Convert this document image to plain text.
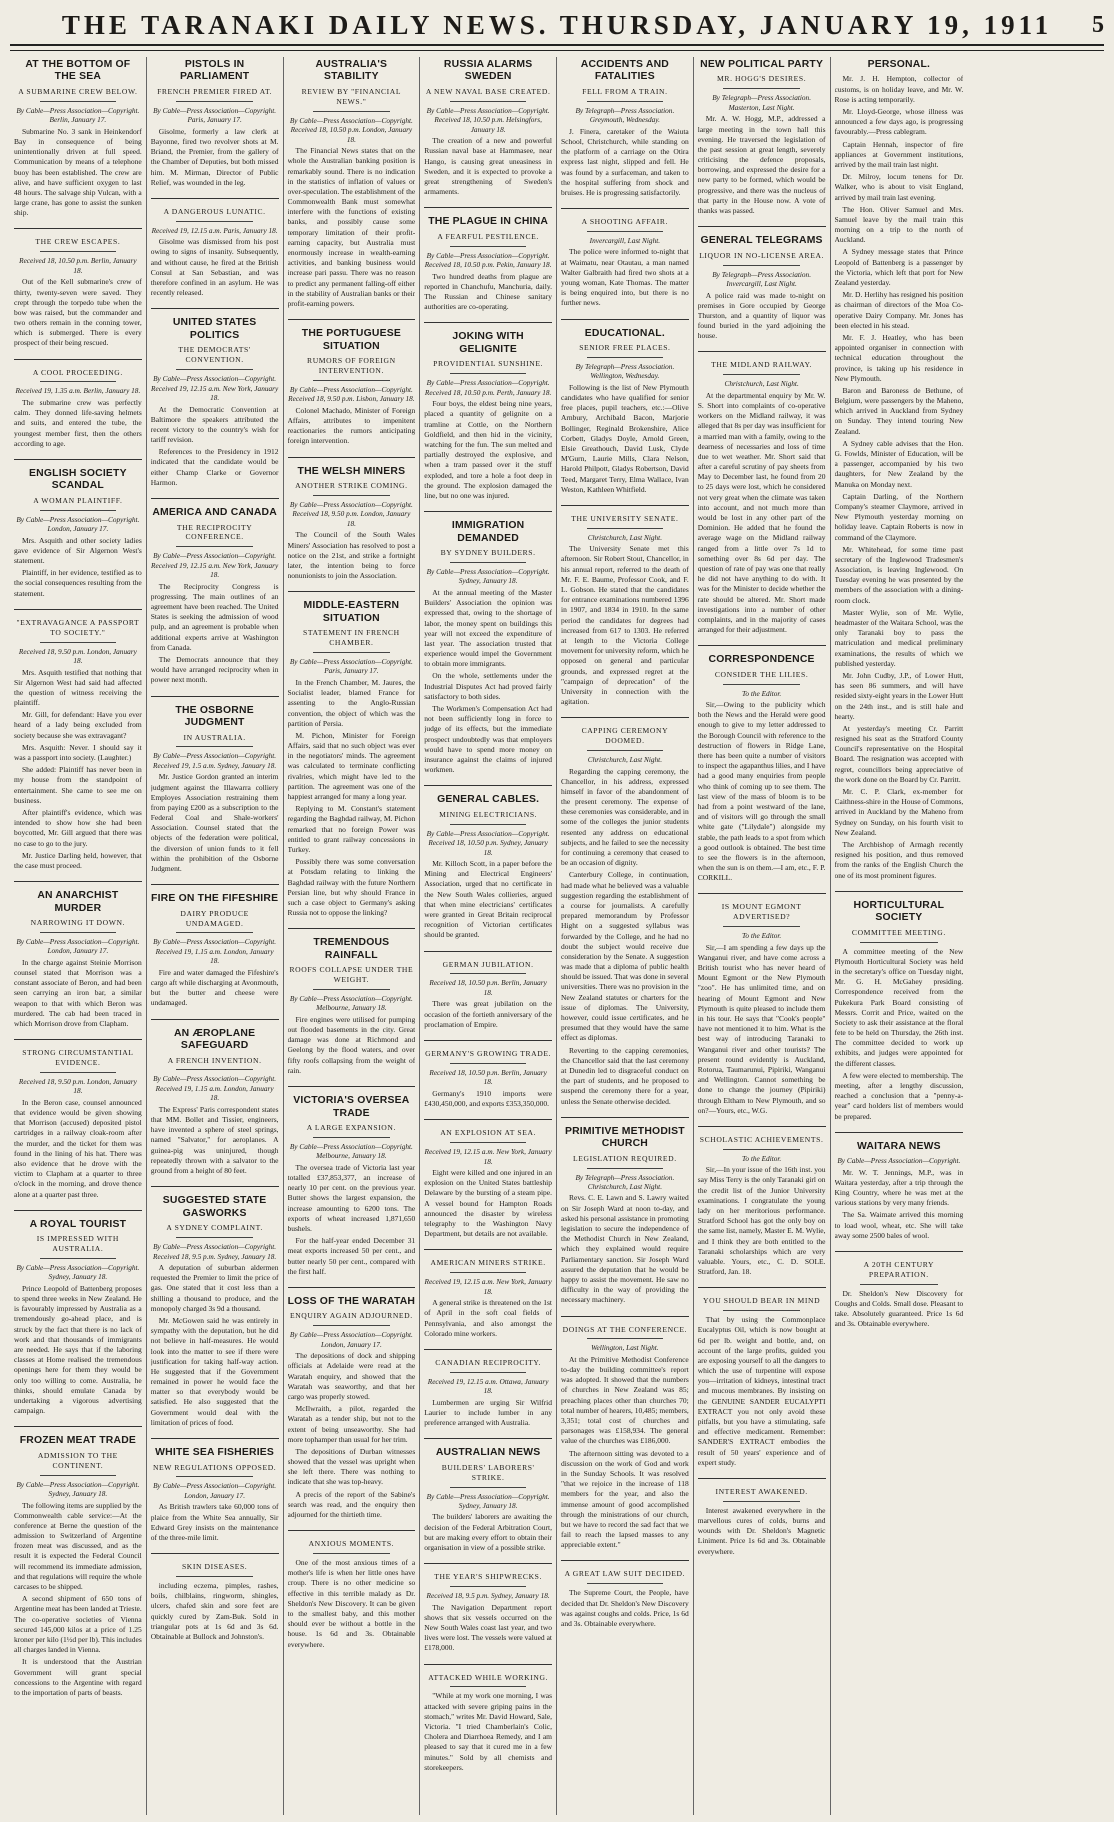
THE TARANAKI DAILY NEWS. THURSDAY, JANUARY 19, 1911	5
AT THE BOTTOM OF THE SEA
A SUBMARINE CREW BELOW.
By Cable—Press Association—Copyright. Berlin, January 17.

Submarine No. 3 sank in Heinkendorf Bay in consequence of being unintentionally driven at full speed. Communication by means of a telephone buoy has been established. The crew are alive, and have sufficient oxygen to last 48 hours. The salvage ship Vulcan, with a large crane, has gone to assist the sunken ship.

THE CREW ESCAPES.
Received 18, 10.50 p.m. Berlin, January 18.

Out of the Kell submarine's crew of thirty, twenty-seven were saved. They crept through the torpedo tube when the bow was raised, but the commander and two others remain in the conning tower, which is submerged. There is every prospect of their being rescued.

A COOL PROCEEDING.
Received 19, 1.35 a.m. Berlin, January 18.

The submarine crew was perfectly calm. They donned life-saving helmets and suits, and entered the tube, the youngest member first, then the others according to age.

ENGLISH SOCIETY SCANDAL
A WOMAN PLAINTIFF.
By Cable—Press Association—Copyright. London, January 17.

Mrs. Asquith and other society ladies gave evidence of Sir Algernon West's statement.

Plaintiff, in her evidence, testified as to the social consequences resulting from the statement.

"EXTRAVAGANCE A PASSPORT TO SOCIETY."
Received 18, 9.50 p.m. London, January 18.

Mrs. Asquith testified that nothing that Sir Algernon West had said had affected the question of witness receiving the plaintiff.

Mr. Gill, for defendant: Have you ever heard of a lady being excluded from society because she was extravagant?

Mrs. Asquith: Never. I should say it was a passport into society. (Laughter.)

She added: Plaintiff has never been in my house from the standpoint of entertainment. She came to see me on business.

After plaintiff's evidence, which was intended to show how she had been boycotted, Mr. Gill argued that there was no case to go to the jury.

Mr. Justice Darling held, however, that the case must proceed.

AN ANARCHIST MURDER
NARROWING IT DOWN.
By Cable—Press Association—Copyright. London, January 17.

In the charge against Steinie Morrison counsel stated that Morrison was a constant associate of Beron, and had been seen carrying an iron bar, a similar weapon to that with which Beron was murdered. The cab had been traced in which Morrison drove from Clapham.

STRONG CIRCUMSTANTIAL EVIDENCE.
Received 18, 9.50 p.m. London, January 18.

In the Beron case, counsel announced that evidence would be given showing that Morrison (accused) deposited pistol cartridges in a railway cloak-room after the murder, and the ticket for them was found in the lining of his hat. There was also evidence that he drove with the victim to Clapham at a quarter to three o'clock in the morning, and drove thence alone at a quarter past three.

A ROYAL TOURIST
IS IMPRESSED WITH AUSTRALIA.
By Cable—Press Association—Copyright. Sydney, January 18.

Prince Leopold of Battenberg proposes to spend three weeks in New Zealand. He is favourably impressed by Australia as a tremendously go-ahead place, and is struck by the fact that there is no lack of work and that thousands of immigrants are needed. He says that if the laboring classes at Home realised the tremendous openings here for them they would be only too willing to come. Australia, he thinks, should emulate Canada by undertaking a vigorous advertising campaign.

FROZEN MEAT TRADE
ADMISSION TO THE CONTINENT.
By Cable—Press Association—Copyright. Sydney, January 18.

The following items are supplied by the Commonwealth cable service:—At the conference at Berne the question of the admission to Switzerland of Argentine frozen meat was discussed, and as the result it is expected the Federal Council will recommend its immediate admission, and that regulations will require the whole carcases to be shipped.

A second shipment of 650 tons of Argentine meat has been landed at Trieste. The co-operative societies of Vienna secured 145,000 kilos at a price of 1.25 kroner per kilo (1½d per lb). This includes all charges landed in Vienna.

It is understood that the Austrian Government will grant special concessions to the Argentine with regard to the importation of parts of beasts.

PISTOLS IN PARLIAMENT
FRENCH PREMIER FIRED AT.
By Cable—Press Association—Copyright. Paris, January 17.

Gisolme, formerly a law clerk at Bayonne, fired two revolver shots at M. Briand, the Premier, from the gallery of the Chamber of Deputies, but both missed him. M. Mirman, Director of Public Relief, was wounded in the leg.

A DANGEROUS LUNATIC.
Received 19, 12.15 a.m. Paris, January 18.

Gisolme was dismissed from his post owing to signs of insanity. Subsequently, and without cause, he fired at the British Consul at San Sebastian, and was therefore confined in an asylum. He was recently released.

UNITED STATES POLITICS
THE DEMOCRATS' CONVENTION.
By Cable—Press Association—Copyright. Received 19, 12.15 a.m. New York, January 18.

At the Democratic Convention at Baltimore the speakers attributed the recent victory to the country's wish for tariff revision.

References to the Presidency in 1912 indicated that the candidate would be either Champ Clarke or Governor Harmon.

AMERICA AND CANADA
THE RECIPROCITY CONFERENCE.
By Cable—Press Association—Copyright. Received 19, 12.15 a.m. New York, January 18.

The Reciprocity Congress is progressing. The main outlines of an agreement have been reached. The United States is seeking the admission of wood pulp, and an agreement is probable when additional experts arrive at Washington from Canada.

The Democrats announce that they would have arranged reciprocity when in power next month.

THE OSBORNE JUDGMENT
IN AUSTRALIA.
By Cable—Press Association—Copyright. Received 19, 1.5 a.m. Sydney, January 18.

Mr. Justice Gordon granted an interim judgment against the Illawarra colliery Employes Association restraining them from paying £200 as a subscription to the Federal Coal and Shale-workers' Association. Counsel stated that the objects of the federation were political, the diversion of union funds to it fell within the prohibition of the Osborne Judgment.

FIRE ON THE FIFESHIRE
DAIRY PRODUCE UNDAMAGED.
By Cable—Press Association—Copyright. Received 19, 1.15 a.m. London, January 18.

Fire and water damaged the Fifeshire's cargo aft while discharging at Avonmouth, but the butter and cheese were undamaged.

AN ÆROPLANE SAFEGUARD
A FRENCH INVENTION.
By Cable—Press Association—Copyright. Received 19, 1.15 a.m. London, January 18.

The Express' Paris correspondent states that MM. Bollet and Tissier, engineers, have invented a sphere of steel springs, named "Salvator," for aeroplanes. A guinea-pig was uninjured, though repeatedly thrown with a salvator to the ground from a height of 80 feet.

SUGGESTED STATE GASWORKS
A SYDNEY COMPLAINT.
By Cable—Press Association—Copyright. Received 18, 9.5 p.m. Sydney, January 18.

A deputation of suburban aldermen requested the Premier to limit the price of gas. One stated that it cost less than a shilling a thousand to produce, and the monopoly charged 3s 9d a thousand.

Mr. McGowen said he was entirely in sympathy with the deputation, but he did not believe in half-measures. He would look into the matter to see if there were justification for taking half-way action. He suggested that if the Government remained in power he would face the matter so that everybody would be satisfied. He also suggested that the Government would deal with the limitation of prices of food.

WHITE SEA FISHERIES
NEW REGULATIONS OPPOSED.
By Cable—Press Association—Copyright. London, January 17.

As British trawlers take 60,000 tons of plaice from the White Sea annually, Sir Edward Grey insists on the maintenance of the three-mile limit.

SKIN DISEASES.

including eczema, pimples, rashes, boils, chilblains, ringworm, shingles, ulcers, chafed skin and sore feet are quickly cured by Zam-Buk. Sold in triangular pots at 1s 6d and 3s 6d. Obtainable at Bullock and Johnston's.

AUSTRALIA'S STABILITY
REVIEW BY "FINANCIAL NEWS."
By Cable—Press Association—Copyright. Received 18, 10.50 p.m. London, January 18.

The Financial News states that on the whole the Australian banking position is remarkably sound. There is no indication in the statistics of inflation of values or over-speculation. The establishment of the Commonwealth Bank must somewhat interfere with the functions of existing banks, and possibly cause some temporary limitation of their profit-earning capacity, but Australia must enormously increase in wealth-earning activities, and banking business would increase pari passu. There was no reason to predict any permanent falling-off either in the stability of Australian banks or their profit-earning powers.

THE PORTUGUESE SITUATION
RUMORS OF FOREIGN INTERVENTION.
By Cable—Press Association—Copyright. Received 18, 9.50 p.m. Lisbon, January 18.

Colonel Machado, Minister of Foreign Affairs, attributes to impenitent reactionaries the rumors anticipating foreign intervention.

THE WELSH MINERS
ANOTHER STRIKE COMING.
By Cable—Press Association—Copyright. Received 18, 9.50 p.m. London, January 18.

The Council of the South Wales Miners' Association has resolved to post a notice on the 21st, and strike a fortnight later, the intention being to force nonunionists to join the Association.

MIDDLE-EASTERN SITUATION
STATEMENT IN FRENCH CHAMBER.
By Cable—Press Association—Copyright. Paris, January 17.

In the French Chamber, M. Jaures, the Socialist leader, blamed France for assenting to the Anglo-Russian convention, the object of which was the partition of Persia.

M. Pichon, Minister for Foreign Affairs, said that no such object was ever in the negotiators' minds. The agreement was calculated to terminate conflicting rivalries, which might have led to the partition. The agreement was one of the happiest arranged for many a long year.

Replying to M. Constant's statement regarding the Baghdad railway, M. Pichon remarked that no foreign Power was entitled to grant railway concessions in Turkey.

Possibly there was some conversation at Potsdam relating to linking the Baghdad railway with the future Northern Persian line, but why should France in such a case object to Germany's asking Russia not to oppose the linking?

TREMENDOUS RAINFALL
ROOFS COLLAPSE UNDER THE WEIGHT.
By Cable—Press Association—Copyright. Melbourne, January 18.

Fire engines were utilised for pumping out flooded basements in the city. Great damage was done at Richmond and Geelong by the flood waters, and over fifty roofs collapsing from the weight of rain.

VICTORIA'S OVERSEA TRADE
A LARGE EXPANSION.
By Cable—Press Association—Copyright. Melbourne, January 18.

The oversea trade of Victoria last year totalled £37,853,377, an increase of nearly 10 per cent. on the previous year. Butter shows the largest expansion, the increase amounting to 6200 tons. The exports of wheat increased 1,871,650 bushels.

For the half-year ended December 31 meat exports increased 50 per cent., and butter nearly 50 per cent., compared with the first half.

LOSS OF THE WARATAH
ENQUIRY AGAIN ADJOURNED.
By Cable—Press Association—Copyright. London, January 17.

The depositions of dock and shipping officials at Adelaide were read at the Waratah enquiry, and showed that the Waratah was seaworthy, and that her cargo was properly stowed.

McIlwraith, a pilot, regarded the Waratah as a tender ship, but not to the extent of being unseaworthy. She had more tophamper than usual for her trim.

The depositions of Durban witnesses showed that the vessel was upright when she left there. There was nothing to indicate that she was top-heavy.

A precis of the report of the Sabine's search was read, and the enquiry then adjourned for the thirtieth time.

ANXIOUS MOMENTS.

One of the most anxious times of a mother's life is when her little ones have croup. There is no other medicine so effective in this terrible malady as Dr. Sheldon's New Discovery. It can be given to the smallest baby, and this mother should ever be without a bottle in the house. 1s 6d and 3s. Obtainable everywhere.

RUSSIA ALARMS SWEDEN
A NEW NAVAL BASE CREATED.
By Cable—Press Association—Copyright. Received 18, 10.50 p.m. Helsingfors, January 18.

The creation of a new and powerful Russian naval base at Hammasee, near Hango, is causing great uneasiness in Sweden, and it is expected to provoke a great strengthening of Sweden's armaments.

THE PLAGUE IN CHINA
A FEARFUL PESTILENCE.
By Cable—Press Association—Copyright. Received 18, 10.50 p.m. Pekin, January 18.

Two hundred deaths from plague are reported in Chanchufu, Manchuria, daily. The Russian and Chinese sanitary authorities are co-operating.

JOKING WITH GELIGNITE
PROVIDENTIAL SUNSHINE.
By Cable—Press Association—Copyright. Received 18, 10.50 p.m. Perth, January 18.

Four boys, the eldest being nine years, placed a quantity of gelignite on a tramline at Cottle, on the Northern Goldfield, and then hid in the vicinity, watching for the fun. The sun melted and partially destroyed the explosive, and when a tram passed over it the stuff exploded, and tore a hole a foot deep in the ground. The explosion damaged the line, but no one was injured.

IMMIGRATION DEMANDED
BY SYDNEY BUILDERS.
By Cable—Press Association—Copyright. Sydney, January 18.

At the annual meeting of the Master Builders' Association the opinion was expressed that, owing to the shortage of labor, the money spent on buildings this year will not exceed the expenditure of last year. The association trusted that experience would impel the Government to obtain more immigrants.

On the whole, settlements under the Industrial Disputes Act had proved fairly satisfactory to both sides.

The Workmen's Compensation Act had not been sufficiently long in force to judge of its effects, but the immediate prospect undoubtedly was that employers would have to spend more money on insurance against the claims of injured workmen.

GENERAL CABLES.
MINING ELECTRICIANS.
By Cable—Press Association—Copyright. Received 18, 10.50 p.m. Sydney, January 18.

Mr. Killoch Scott, in a paper before the Mining and Electrical Engineers' Association, urged that no certificate in the New South Wales collieries, argued that when mine electricians' certificates were granted in Great Britain reciprocal recognition of Victorian certificates should be granted.

GERMAN JUBILATION.
Received 18, 10.50 p.m. Berlin, January 18.

There was great jubilation on the occasion of the fortieth anniversary of the proclamation of Empire.

GERMANY'S GROWING TRADE.
Received 18, 10.50 p.m. Berlin, January 18.

Germany's 1910 imports were £430,450,000, and exports £353,350,000.

AN EXPLOSION AT SEA.
Received 19, 12.15 a.m. New York, January 18.

Eight were killed and one injured in an explosion on the United States battleship Delaware by the bursting of a steam pipe. A vessel bound for Hampton Roads announced the disaster by wireless telegraphy to the Washington Navy Department, but details are not available.

AMERICAN MINERS STRIKE.
Received 19, 12.15 a.m. New York, January 18.

A general strike is threatened on the 1st of April in the soft coal fields of Pennsylvania, and also amongst the Colorado mine workers.

CANADIAN RECIPROCITY.
Received 19, 12.15 a.m. Ottawa, January 18.

Lumbermen are urging Sir Wilfrid Laurier to include lumber in any preference arranged with Australia.

AUSTRALIAN NEWS
BUILDERS' LABORERS' STRIKE.
By Cable—Press Association—Copyright. Sydney, January 18.

The builders' laborers are awaiting the decision of the Federal Arbitration Court, but are making every effort to obtain their organisation in view of a possible strike.

THE YEAR'S SHIPWRECKS.
Received 18, 9.5 p.m. Sydney, January 18.

The Navigation Department report shows that six vessels occurred on the New South Wales coast last year, and two lives were lost. The vessels were valued at £178,000.

ATTACKED WHILE WORKING.

"While at my work one morning, I was attacked with severe griping pains in the stomach," writes Mr. David Howard, Sale, Victoria. "I tried Chamberlain's Colic, Cholera and Diarrhoea Remedy, and I am pleased to say that it cured me in a few minutes." Sold by all chemists and storekeepers.

ACCIDENTS AND FATALITIES
FELL FROM A TRAIN.
By Telegraph—Press Association. Greymouth, Wednesday.

J. Finera, caretaker of the Waiuta School, Christchurch, while standing on the platform of a carriage on the Otira express last night, slipped and fell. He was found by a surfaceman, and taken to the hospital suffering from shock and bruises. He is progressing satisfactorily.

A SHOOTING AFFAIR.
Invercargill, Last Night.

The police were informed to-night that at Waimatu, near Otautau, a man named Walter Galbraith had fired two shots at a young woman, Kate Thomas. The matter is being enquired into, but there is no further news.

EDUCATIONAL.
SENIOR FREE PLACES.
By Telegraph—Press Association. Wellington, Wednesday.

Following is the list of New Plymouth candidates who have qualified for senior free places, pupil teachers, etc.:—Olive Arnbury, Archibald Bacon, Marjorie Bollinger, Reginald Brokenshire, Alice Corbett, Gladys Doyle, Arnold Green, Elsie Greathouch, David Lusk, Clyde M'Gurn, Laurie Mills, Clara Nelson, Harold Philpott, Gladys Robertson, David Teed, Margaret Terry, Elma Wallace, Ivan Weston, Kathleen Whitfield.

THE UNIVERSITY SENATE.
Christchurch, Last Night.

The University Senate met this afternoon. Sir Robert Stout, Chancellor, in his annual report, referred to the death of Mr. F. E. Baume, Professor Cook, and F. L. Gobson. He stated that the candidates for entrance examinations numbered 1396 in 1907, and 1834 in 1910. In the same period the candidates for degrees had increased from 617 to 1303. He referred at length to the Victoria College movement for university reform, which he opposed on general and particular grounds, and expressed regret at the "campaign of deprecation" of the University in connection with the agitation.

CAPPING CEREMONY DOOMED.
Christchurch, Last Night.

Regarding the capping ceremony, the Chancellor, in his address, expressed himself in favor of the abandonment of the present ceremony. The expense of these ceremonies was considerable, and in some of the colleges the junior students resented any address on educational subjects, and he failed to see the necessity for continuing a ceremony that ceased to be an occasion of dignity.

Canterbury College, in continuation, had made what he believed was a valuable suggestion regarding the establishment of a course for journalists. A carefully prepared memorandum by Professor Hight on a suggested syllabus was forwarded by the College, and he had no doubt the subject would receive due consideration by the Senate. A suggestion was made that a diploma of public health should be issued. That was done in several universities. There was no provision in the New Zealand statutes or charters for the issue of diplomas. The University, however, could issue certificates, and he presumed that they would have the same effect as diplomas.

Reverting to the capping ceremonies, the Chancellor said that the last ceremony at Dunedin led to disgraceful conduct on the part of students, and he proposed to suspend the ceremony there for a year, unless the Senate otherwise decided.

PRIMITIVE METHODIST CHURCH
LEGISLATION REQUIRED.
By Telegraph—Press Association. Christchurch, Last Night.

Revs. C. E. Lawn and S. Lawry waited on Sir Joseph Ward at noon to-day, and asked his personal assistance in promoting legislation to secure the independence of the Methodist Church in New Zealand, which they explained would require Parliamentary sanction. Sir Joseph Ward assured the deputation that he would be happy to assist the movement. He saw no difficulty in the way of providing the necessary machinery.

DOINGS AT THE CONFERENCE.
Wellington, Last Night.

At the Primitive Methodist Conference to-day the building committee's report was adopted. It showed that the numbers of churches in New Zealand was 85; preaching places other than churches 70; total number of hearers, 10,485; members, 3,351; total cost of churches and parsonages was £158,934. The general value of the churches was £186,000.

The afternoon sitting was devoted to a discussion on the work of God and work in the Sunday Schools. It was resolved "that we rejoice in the increase of 118 members for the year, and also the immense amount of good accomplished through the ministrations of our church, but we have to record the sad fact that we fail to reach the lapsed masses to any appreciable extent."

A GREAT LAW SUIT DECIDED.

The Supreme Court, the People, have decided that Dr. Sheldon's New Discovery was against coughs and colds. Price, 1s 6d and 3s. Obtainable everywhere.

NEW POLITICAL PARTY
MR. HOGG'S DESIRES.
By Telegraph—Press Association. Masterton, Last Night.

Mr. A. W. Hogg, M.P., addressed a large meeting in the town hall this evening. He traversed the legislation of the past session at great length, severely criticising the defence proposals, borrowing, and expressed the desire for a new party to be formed, which would be progressive, and there was the nucleus of that party in the House now. A vote of thanks was passed.

GENERAL TELEGRAMS
LIQUOR IN NO-LICENSE AREA.
By Telegraph—Press Association. Invercargill, Last Night.

A police raid was made to-night on premises in Gore occupied by George Thurston, and a quantity of liquor was found buried in the yard adjoining the house.

THE MIDLAND RAILWAY.
Christchurch, Last Night.

At the departmental enquiry by Mr. W. S. Short into complaints of co-operative workers on the Midland railway, it was alleged that 8s per day was insufficient for a married man with a family, owing to the dearness of necessaries and loss of time due to wet weather. Mr. Short said that after a careful scrutiny of pay sheets from May to December last, he found from 20 to 25 days were lost, which he considered not very great when the climate was taken into account, and not much more than would be lost in any other part of the Dominion. He added that he found the average wage on the Midland railway ranged from a little over 7s 1d to something over 8s 6d per day. The question of rate of pay was one that really he did not have anything to do with. It was for the Minister to decide whether the rate should be altered. Mr. Short made investigations into a number of other complaints, and in the majority of cases arranged for their adjustment.

CORRESPONDENCE
CONSIDER THE LILIES.
To the Editor.

Sir,—Owing to the publicity which both the News and the Herald were good enough to give to my letter addressed to the Borough Council with reference to the destruction of flowers in Ridge Lane, there has been quite a number of visitors to inspect the agapanthus lilies, and I have had a good many enquiries from people who think of coming up to see them. The last view of the mass of bloom is to be had from a point westward of the lane, and of visitors will go through the small white gate ("Lilydale") alongside my stable, the path leads to a spot from which a good outlook is obtained. The best time to see the flowers is in the afternoon, when the sun is on them.—I am, etc., F. P. CORKILL.

IS MOUNT EGMONT ADVERTISED?
To the Editor.

Sir,—I am spending a few days up the Wanganui river, and have come across a British tourist who has never heard of Mount Egmont or the New Plymouth "zoo". He has unlimited time, and on hearing of Mount Egmont and New Plymouth is quite pleased to include them in his tour. He says that "Cook's people" have not mentioned it to him. What is the best way of introducing Taranaki to Wanganui river and other tourists? The present round evidently is Auckland, Rotorua, Taumarunui, Pipiriki, Wanganui and Wellington. Cannot something be done to change the journey (Pipiriki) through Eltham to New Plymouth, and so on?—Yours, etc., W.G.

SCHOLASTIC ACHIEVEMENTS.
To the Editor.

Sir,—In your issue of the 16th inst. you say Miss Terry is the only Taranaki girl on the credit list of the Junior University examinations. I congratulate the young lady on her meritorious performance. Stratford School has got the only boy on the same list, namely, Master E. M. Wylie, and I think they are both entitled to the Taranaki scholarships which are very valuable. Yours, etc., C. D. SOLE. Stratford, Jan. 18.

YOU SHOULD BEAR IN MIND

That by using the Commonplace Eucalyptus Oil, which is now bought at 6d per lb. weight and bottle, and, on account of the large profits, guided you are exposing yourself to all the dangers to which the use of turpentine will expose you—irritation of kidneys, intestinal tract and mucous membranes. By insisting on the GENUINE SANDER EUCALYPTI EXTRACT you not only avoid these pitfalls, but you have a stimulating, safe and effective medicament. Remember: SANDER'S EXTRACT embodies the result of 50 years' experience and of expert study.

INTEREST AWAKENED.

Interest awakened everywhere in the marvellous cures of colds, burns and wounds with Dr. Sheldon's Magnetic Liniment. Price 1s 6d and 3s. Obtainable everywhere.

PERSONAL.

Mr. J. H. Hempton, collector of customs, is on holiday leave, and Mr. W. Rose is acting temporarily.

Mr. Lloyd-George, whose illness was announced a few days ago, is progressing favourably.—Press cablegram.

Captain Hennah, inspector of fire appliances at Government institutions, arrived by the mail train last night.

Dr. Milroy, locum tenens for Dr. Walker, who is about to visit England, arrived by mail train last evening.

The Hon. Oliver Samuel and Mrs. Samuel leave by the mail train this morning on a trip to the north of Auckland.

A Sydney message states that Prince Leopold of Battenberg is a passenger by the Victoria, which left that port for New Zealand yesterday.

Mr. D. Herlihy has resigned his position as chairman of directors of the Moa Co-operative Dairy Company. Mr. Jones has been elected in his stead.

Mr. F. J. Heatley, who has been appointed organiser in connection with technical education throughout the province, is taking up his residence in New Plymouth.

Baron and Baroness de Bethune, of Belgium, were passengers by the Maheno, which arrived in Auckland from Sydney on Sunday. They intend touring New Zealand.

A Sydney cable advises that the Hon. G. Fowlds, Minister of Education, will be a passenger, accompanied by his two daughters, for New Zealand by the Manuka on Monday next.

Captain Darling, of the Northern Company's steamer Claymore, arrived in New Plymouth yesterday morning on holiday leave. Captain Roberts is now in command of the Claymore.

Mr. Whitehead, for some time past secretary of the Inglewood Tradesmen's Association, is leaving Inglewood. On Tuesday evening he was presented by the members of the association with a dining-room clock.

Master Wylie, son of Mr. Wylie, headmaster of the Waitara School, was the only Taranaki boy to pass the matriculation and medical preliminary examinations, the results of which we published yesterday.

Mr. John Cudby, J.P., of Lower Hutt, has seen 86 summers, and will have resided sixty-eight years in the Lower Hutt on the 24th inst., and is still hale and hearty.

At yesterday's meeting Cr. Parritt resigned his seat as the Stratford County Council's representative on the Hospital Board. The resignation was accepted with regret, councillors being appreciative of the work done on the Board by Cr. Parritt.

Mr. C. P. Clark, ex-member for Caithness-shire in the House of Commons, arrived in Auckland by the Maheno from Sydney on Sunday, on his fourth visit to New Zealand.

The Archbishop of Armagh recently resigned his position, and thus removed from the ranks of the English Church the one of its most prominent figures.

HORTICULTURAL SOCIETY
COMMITTEE MEETING.

A committee meeting of the New Plymouth Horticultural Society was held in the secretary's office on Tuesday night, Mr. G. H. McGahey presiding. Correspondence received from the Pukekura Park Board consisting of Messrs. Corrit and Price, waited on the Society to ask their assistance at the floral fete to be held on Thursday, the 26th inst. The committee decided to work up exhibits, and judges were appointed for the different classes.

A few were elected to membership. The meeting, after a lengthy discussion, reached a conclusion that a "penny-a-year" card holders list of members would be prepared.

WAITARA NEWS
By Cable—Press Association—Copyright.

Mr. W. T. Jennings, M.P., was in Waitara yesterday, after a trip through the King Country, where he was met at the various stations by very many friends.

The Sa. Waimate arrived this morning to load wool, wheat, etc. She will take away some 2500 bales of wool.

A 20TH CENTURY PREPARATION.

Dr. Sheldon's New Discovery for Coughs and Colds. Small dose. Pleasant to take. Absolutely guaranteed. Price 1s 6d and 3s. Obtainable everywhere.
